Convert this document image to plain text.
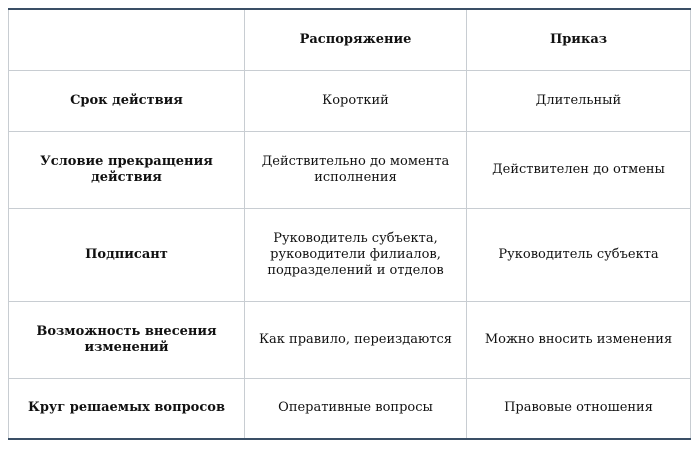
	Распоряжение	Приказ
Срок действия	Короткий	Длительный
Условие прекращения действия	Действительно до момента исполнения	Действителен до отмены
Подписант	Руководитель субъекта, руководители филиалов, подразделений и отделов	Руководитель субъекта
Возможность внесения изменений	Как правило, переиздаются	Можно вносить изменения
Круг решаемых вопросов	Оперативные вопросы	Правовые отношения
